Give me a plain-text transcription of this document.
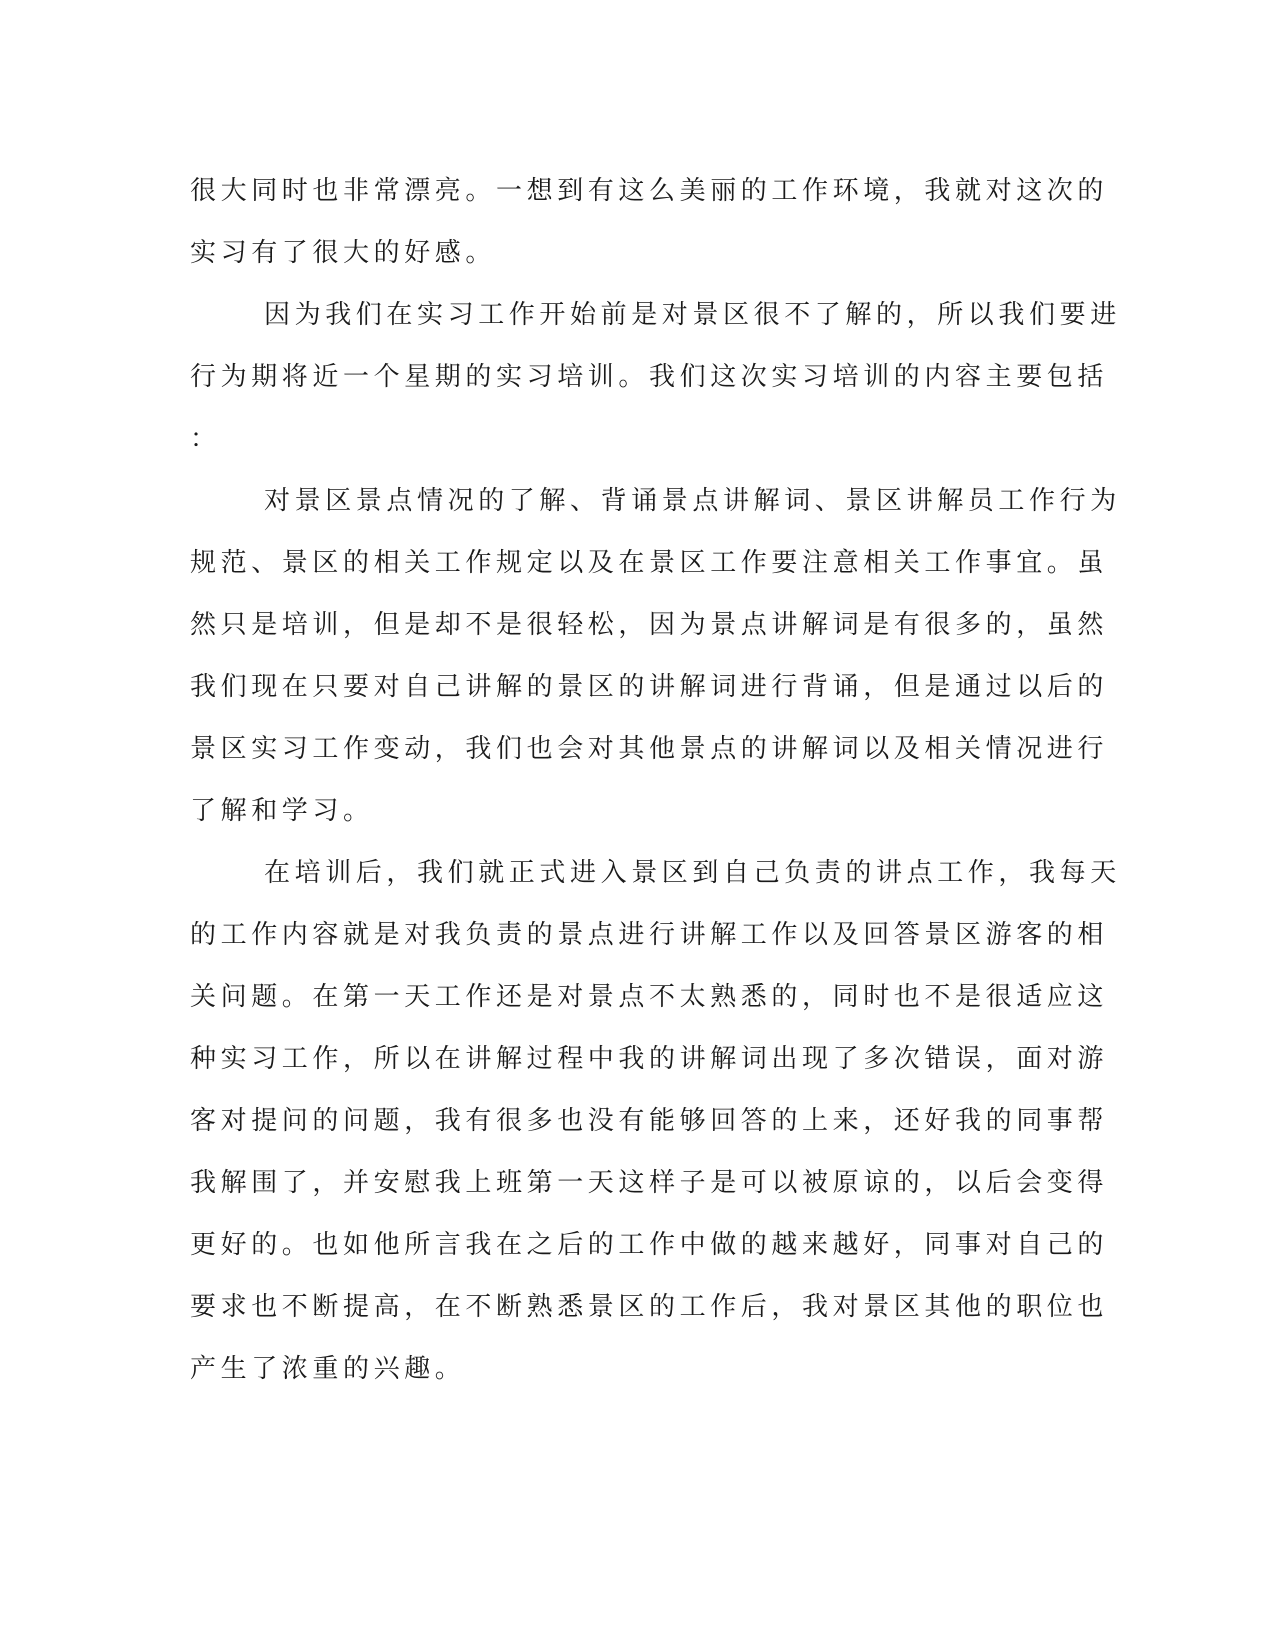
很大同时也非常漂亮。一想到有这么美丽的工作环境，我就对这次的
实习有了很大的好感。
因为我们在实习工作开始前是对景区很不了解的，所以我们要进
行为期将近一个星期的实习培训。我们这次实习培训的内容主要包括
：
对景区景点情况的了解、背诵景点讲解词、景区讲解员工作行为
规范、景区的相关工作规定以及在景区工作要注意相关工作事宜。虽
然只是培训，但是却不是很轻松，因为景点讲解词是有很多的，虽然
我们现在只要对自己讲解的景区的讲解词进行背诵，但是通过以后的
景区实习工作变动，我们也会对其他景点的讲解词以及相关情况进行
了解和学习。
在培训后，我们就正式进入景区到自己负责的讲点工作，我每天
的工作内容就是对我负责的景点进行讲解工作以及回答景区游客的相
关问题。在第一天工作还是对景点不太熟悉的，同时也不是很适应这
种实习工作，所以在讲解过程中我的讲解词出现了多次错误，面对游
客对提问的问题，我有很多也没有能够回答的上来，还好我的同事帮
我解围了，并安慰我上班第一天这样子是可以被原谅的，以后会变得
更好的。也如他所言我在之后的工作中做的越来越好，同事对自己的
要求也不断提高，在不断熟悉景区的工作后，我对景区其他的职位也
产生了浓重的兴趣。
